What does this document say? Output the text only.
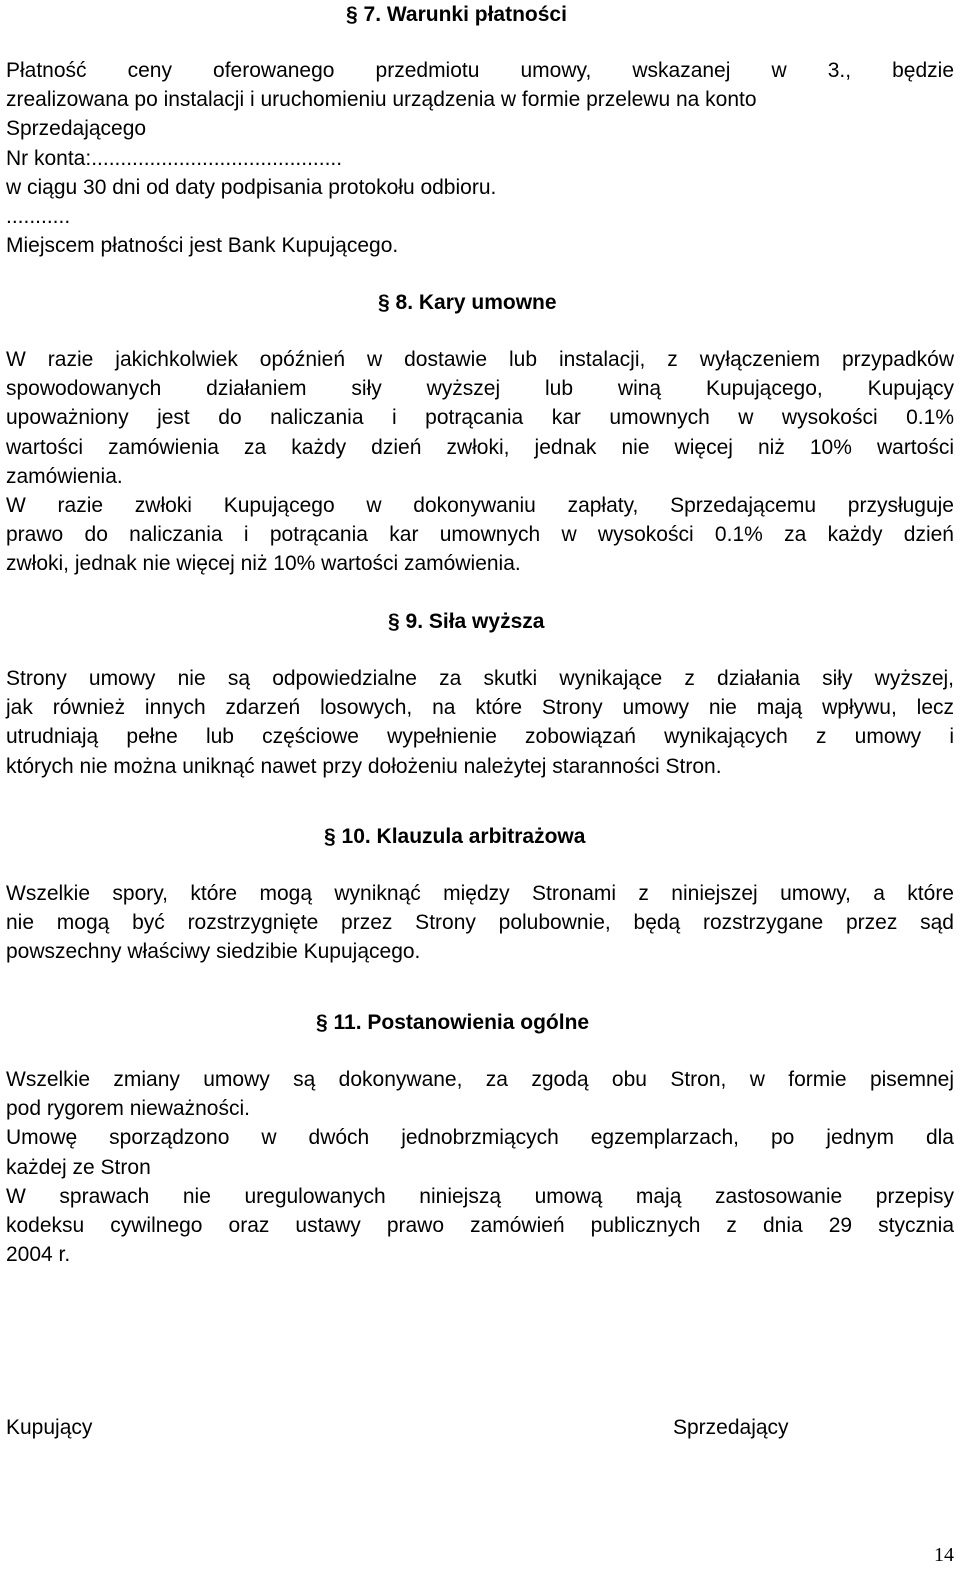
§ 7. Warunki płatności
Płatność ceny oferowanego przedmiotu umowy, wskazanej w 3., będzie
zrealizowana po instalacji i uruchomieniu urządzenia w formie przelewu na konto
Sprzedającego
Nr konta:...........................................
w ciągu 30 dni od daty podpisania protokołu odbioru.
...........
Miejscem płatności jest Bank Kupującego.
§ 8. Kary umowne
W razie jakichkolwiek opóźnień w dostawie lub instalacji, z wyłączeniem przypadków
spowodowanych działaniem siły wyższej lub winą Kupującego, Kupujący
upoważniony jest do naliczania i potrącania kar umownych w wysokości 0.1%
wartości zamówienia za każdy dzień zwłoki, jednak nie więcej niż 10% wartości
zamówienia.
W razie zwłoki Kupującego w dokonywaniu zapłaty, Sprzedającemu przysługuje
prawo do naliczania i potrącania kar umownych w wysokości 0.1% za każdy dzień
zwłoki, jednak nie więcej niż 10% wartości zamówienia.
§ 9. Siła wyższa
Strony umowy nie są odpowiedzialne za skutki wynikające z działania siły wyższej,
jak również innych zdarzeń losowych, na które Strony umowy nie mają wpływu, lecz
utrudniają pełne lub częściowe wypełnienie zobowiązań wynikających z umowy i
których nie można uniknąć nawet przy dołożeniu należytej staranności Stron.
§ 10. Klauzula arbitrażowa
Wszelkie spory, które mogą wyniknąć między Stronami z niniejszej umowy, a które
nie mogą być rozstrzygnięte przez Strony polubownie, będą rozstrzygane przez sąd
powszechny właściwy siedzibie Kupującego.
§ 11. Postanowienia ogólne
Wszelkie zmiany umowy są dokonywane, za zgodą obu Stron, w formie pisemnej
pod rygorem nieważności.
Umowę sporządzono w dwóch jednobrzmiących egzemplarzach, po jednym dla
każdej ze Stron
W sprawach nie uregulowanych niniejszą umową mają zastosowanie przepisy
kodeksu cywilnego oraz ustawy prawo zamówień publicznych z dnia 29 stycznia
2004 r.
Kupujący	Sprzedający
14
